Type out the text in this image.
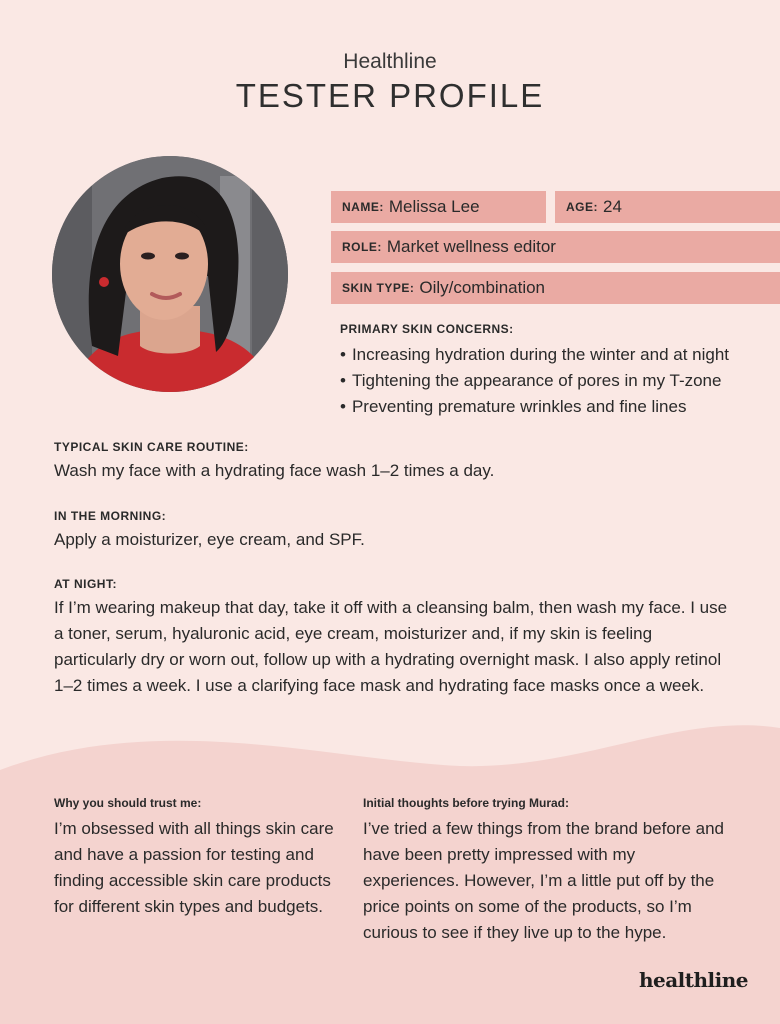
Healthline
TESTER PROFILE
NAME: Melissa Lee	AGE: 24
ROLE: Market wellness editor
SKIN TYPE: Oily/combination
PRIMARY SKIN CONCERNS:
• Increasing hydration during the winter and at night
• Tightening the appearance of pores in my T-zone
• Preventing premature wrinkles and fine lines
TYPICAL SKIN CARE ROUTINE:
Wash my face with a hydrating face wash 1–2 times a day.
IN THE MORNING:
Apply a moisturizer, eye cream, and SPF.
AT NIGHT:
If I’m wearing makeup that day, take it off with a cleansing balm, then wash my face. I use a toner, serum, hyaluronic acid, eye cream, moisturizer and, if my skin is feeling particularly dry or worn out, follow up with a hydrating overnight mask. I also apply retinol 1–2 times a week. I use a clarifying face mask and hydrating face masks once a week.
Why you should trust me:
I’m obsessed with all things skin care and have a passion for testing and finding accessible skin care products for different skin types and budgets.
Initial thoughts before trying Murad:
I’ve tried a few things from the brand before and have been pretty impressed with my experiences. However, I’m a little put off by the price points on some of the products, so I’m curious to see if they live up to the hype.
healthline
